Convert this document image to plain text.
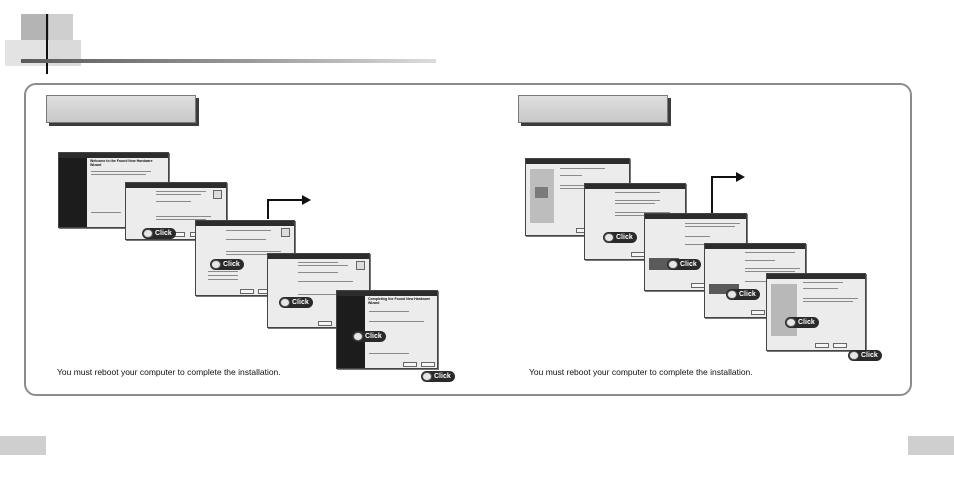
Welcome to the Found New Hardware Wizard
Completing the Found New Hardware Wizard
Click
Click
Click
Click
Click
You must reboot your computer to complete the installation.
Click
Click
Click
Click
Click
You must reboot your computer to complete the installation.
